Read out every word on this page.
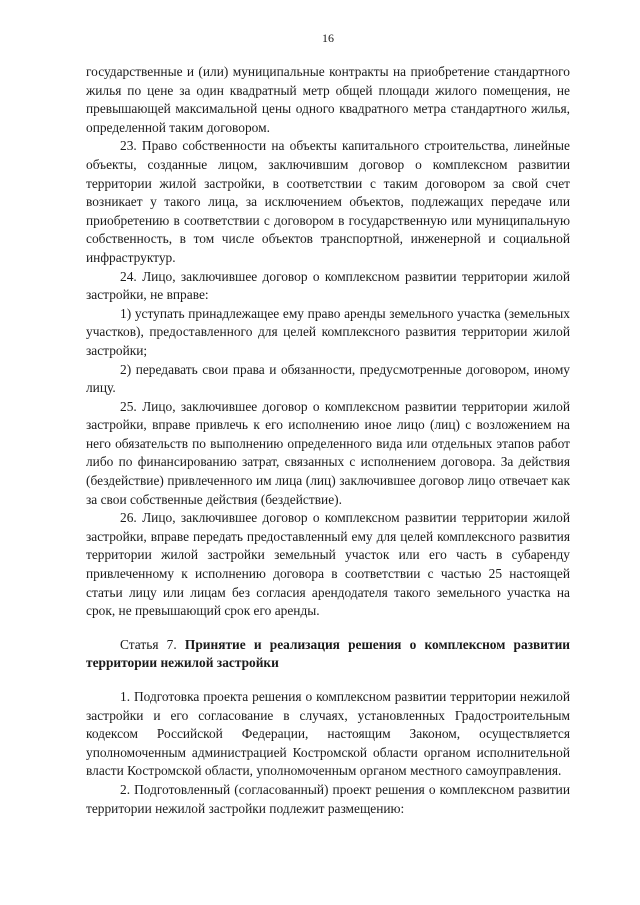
16

государственные и (или) муниципальные контракты на приобретение стандартного жилья по цене за один квадратный метр общей площади жилого помещения, не превышающей максимальной цены одного квадратного метра стандартного жилья, определенной таким договором.

23. Право собственности на объекты капитального строительства, линейные объекты, созданные лицом, заключившим договор о комплексном развитии территории жилой застройки, в соответствии с таким договором за свой счет возникает у такого лица, за исключением объектов, подлежащих передаче или приобретению в соответствии с договором в государственную или муниципальную собственность, в том числе объектов транспортной, инженерной и социальной инфраструктур.

24. Лицо, заключившее договор о комплексном развитии территории жилой застройки, не вправе:

1) уступать принадлежащее ему право аренды земельного участка (земельных участков), предоставленного для целей комплексного развития территории жилой застройки;

2) передавать свои права и обязанности, предусмотренные договором, иному лицу.

25. Лицо, заключившее договор о комплексном развитии территории жилой застройки, вправе привлечь к его исполнению иное лицо (лиц) с возложением на него обязательств по выполнению определенного вида или отдельных этапов работ либо по финансированию затрат, связанных с исполнением договора. За действия (бездействие) привлеченного им лица (лиц) заключившее договор лицо отвечает как за свои собственные действия (бездействие).

26. Лицо, заключившее договор о комплексном развитии территории жилой застройки, вправе передать предоставленный ему для целей комплексного развития территории жилой застройки земельный участок или его часть в субаренду привлеченному к исполнению договора в соответствии с частью 25 настоящей статьи лицу или лицам без согласия арендодателя такого земельного участка на срок, не превышающий срок его аренды.

Статья 7. Принятие и реализация решения о комплексном развитии территории нежилой застройки

1. Подготовка проекта решения о комплексном развитии территории нежилой застройки и его согласование в случаях, установленных Градостроительным кодексом Российской Федерации, настоящим Законом, осуществляется уполномоченным администрацией Костромской области органом исполнительной власти Костромской области, уполномоченным органом местного самоуправления.

2. Подготовленный (согласованный) проект решения о комплексном развитии территории нежилой застройки подлежит размещению:
